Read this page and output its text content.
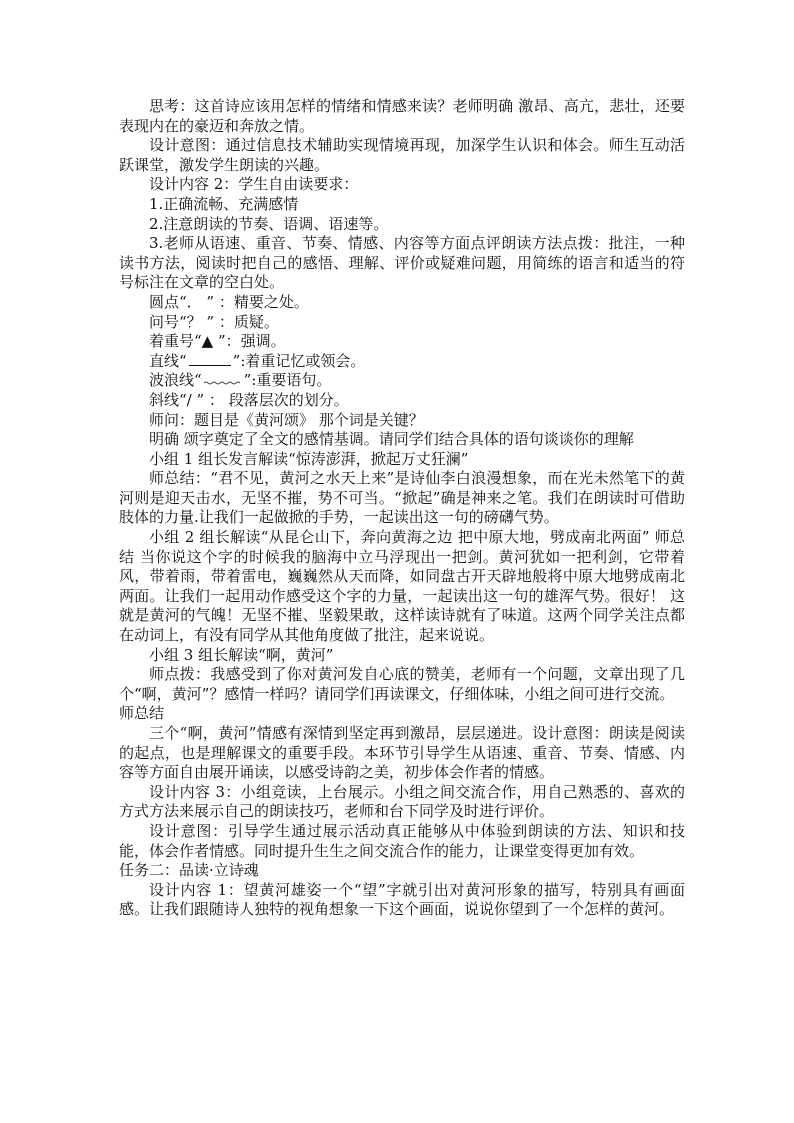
思考：这首诗应该用怎样的情绪和情感来读？老师明确 激昂、高亢，悲壮，还要表现内在的豪迈和奔放之情。

设计意图：通过信息技术辅助实现情境再现，加深学生认识和体会。师生互动活跃课堂，激发学生朗读的兴趣。

设计内容 2：学生自由读要求：

1.正确流畅、充满感情

2.注意朗读的节奏、语调、语速等。

3.老师从语速、重音、节奏、情感、内容等方面点评朗读方法点拨：批注，一种读书方法，阅读时把自己的感悟、理解、评价或疑难问题，用简练的语言和适当的符号标注在文章的空白处。

圆点“． ” ：精要之处。

问号“？ ” ：质疑。

着重号“▲ ”：强调。

直线“	”:着重记忆或领会。

波浪线“	”:重要语句。

斜线“/ ” ： 段落层次的划分。

师问：题目是《黄河颂》 那个词是关键？

明确 颂字奠定了全文的感情基调。请同学们结合具体的语句谈谈你的理解

小组 1 组长发言解读“惊涛澎湃，掀起万丈狂澜”

师总结：“君不见，黄河之水天上来”是诗仙李白浪漫想象，而在光未然笔下的黄河则是迎天击水，无坚不摧，势不可当。“掀起”确是神来之笔。我们在朗读时可借助肢体的力量.让我们一起做掀的手势，一起读出这一句的磅礴气势。

小组 2 组长解读“从昆仑山下，奔向黄海之边 把中原大地，劈成南北两面” 师总结 当你说这个字的时候我的脑海中立马浮现出一把剑。黄河犹如一把利剑，它带着风，带着雨，带着雷电，巍巍然从天而降，如同盘古开天辟地般将中原大地劈成南北两面。让我们一起用动作感受这个字的力量，一起读出这一句的雄浑气势。很好！ 这就是黄河的气魄！无坚不摧、坚毅果敢，这样读诗就有了味道。这两个同学关注点都在动词上，有没有同学从其他角度做了批注，起来说说。

小组 3 组长解读“啊，黄河”

师点拨：我感受到了你对黄河发自心底的赞美，老师有一个问题，文章出现了几个“啊，黄河”？感情一样吗？请同学们再读课文，仔细体味，小组之间可进行交流。

师总结

三个“啊，黄河”情感有深情到坚定再到激昂，层层递进。设计意图：朗读是阅读的起点，也是理解课文的重要手段。本环节引导学生从语速、重音、节奏、情感、内容等方面自由展开诵读，以感受诗韵之美，初步体会作者的情感。

设计内容 3：小组竞读，上台展示。小组之间交流合作，用自己熟悉的、喜欢的方式方法来展示自己的朗读技巧，老师和台下同学及时进行评价。

设计意图：引导学生通过展示活动真正能够从中体验到朗读的方法、知识和技能，体会作者情感。同时提升生生之间交流合作的能力，让课堂变得更加有效。

任务二：品读·立诗魂

设计内容 1：望黄河雄姿一个“望”字就引出对黄河形象的描写，特别具有画面感。让我们跟随诗人独特的视角想象一下这个画面，说说你望到了一个怎样的黄河。
